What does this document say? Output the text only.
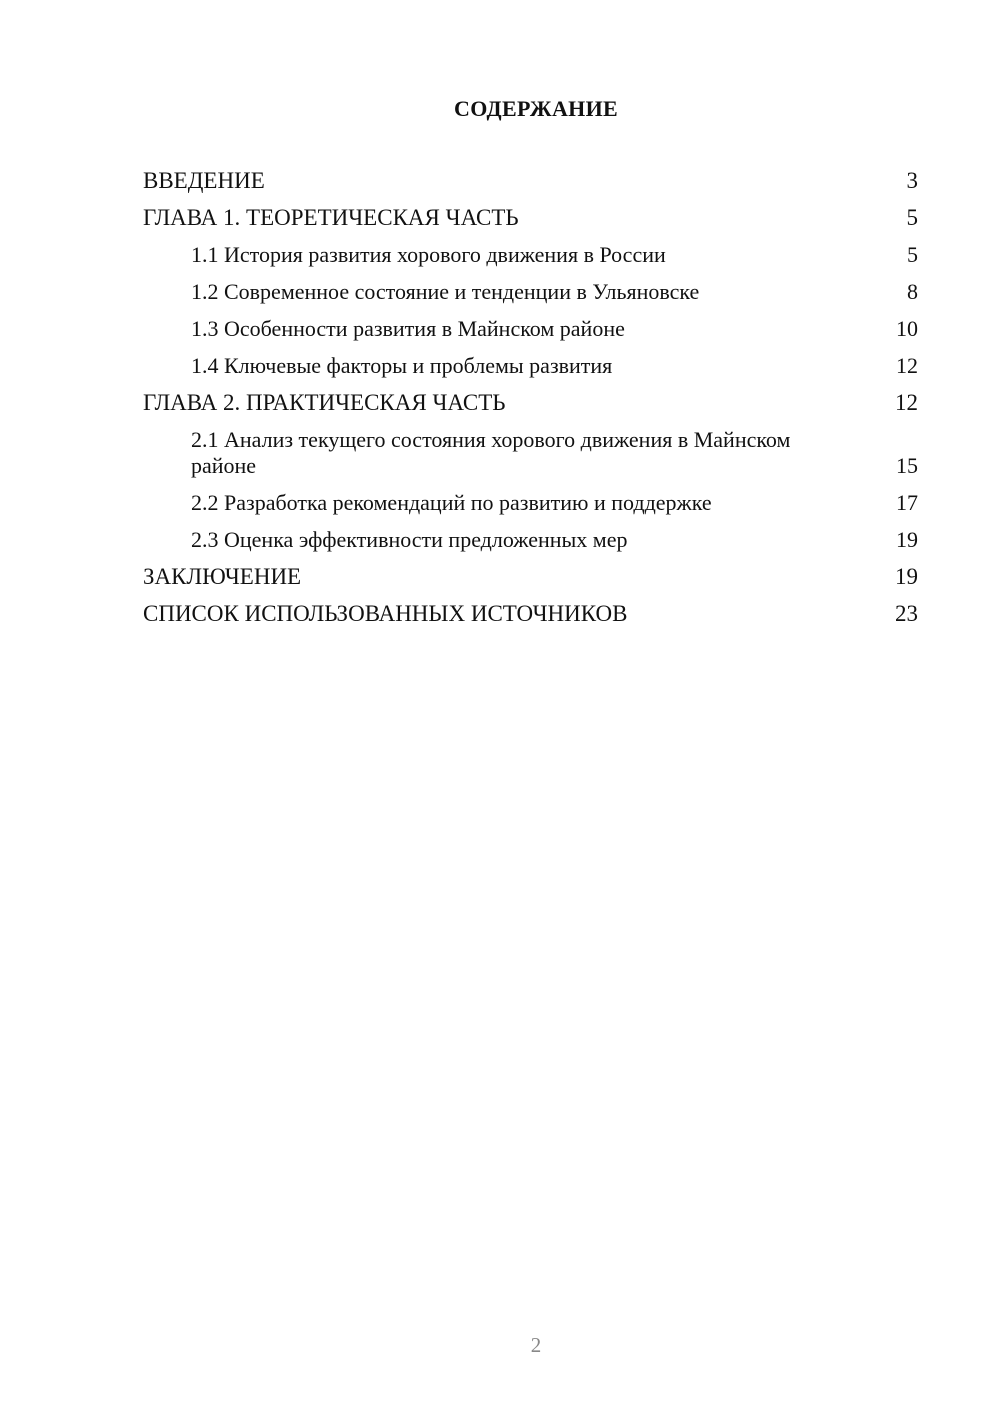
СОДЕРЖАНИЕ
ВВЕДЕНИЕ	3
ГЛАВА 1. ТЕОРЕТИЧЕСКАЯ ЧАСТЬ	5
1.1 История развития хорового движения в России	5
1.2 Современное состояние и тенденции в Ульяновске	8
1.3 Особенности развития в Майнском районе	10
1.4 Ключевые факторы и проблемы развития	12
ГЛАВА 2. ПРАКТИЧЕСКАЯ ЧАСТЬ	12
2.1 Анализ текущего состояния хорового движения в Майнском районе	15
2.2 Разработка рекомендаций по развитию и поддержке	17
2.3 Оценка эффективности предложенных мер	19
ЗАКЛЮЧЕНИЕ	19
СПИСОК ИСПОЛЬЗОВАННЫХ ИСТОЧНИКОВ	23

2
